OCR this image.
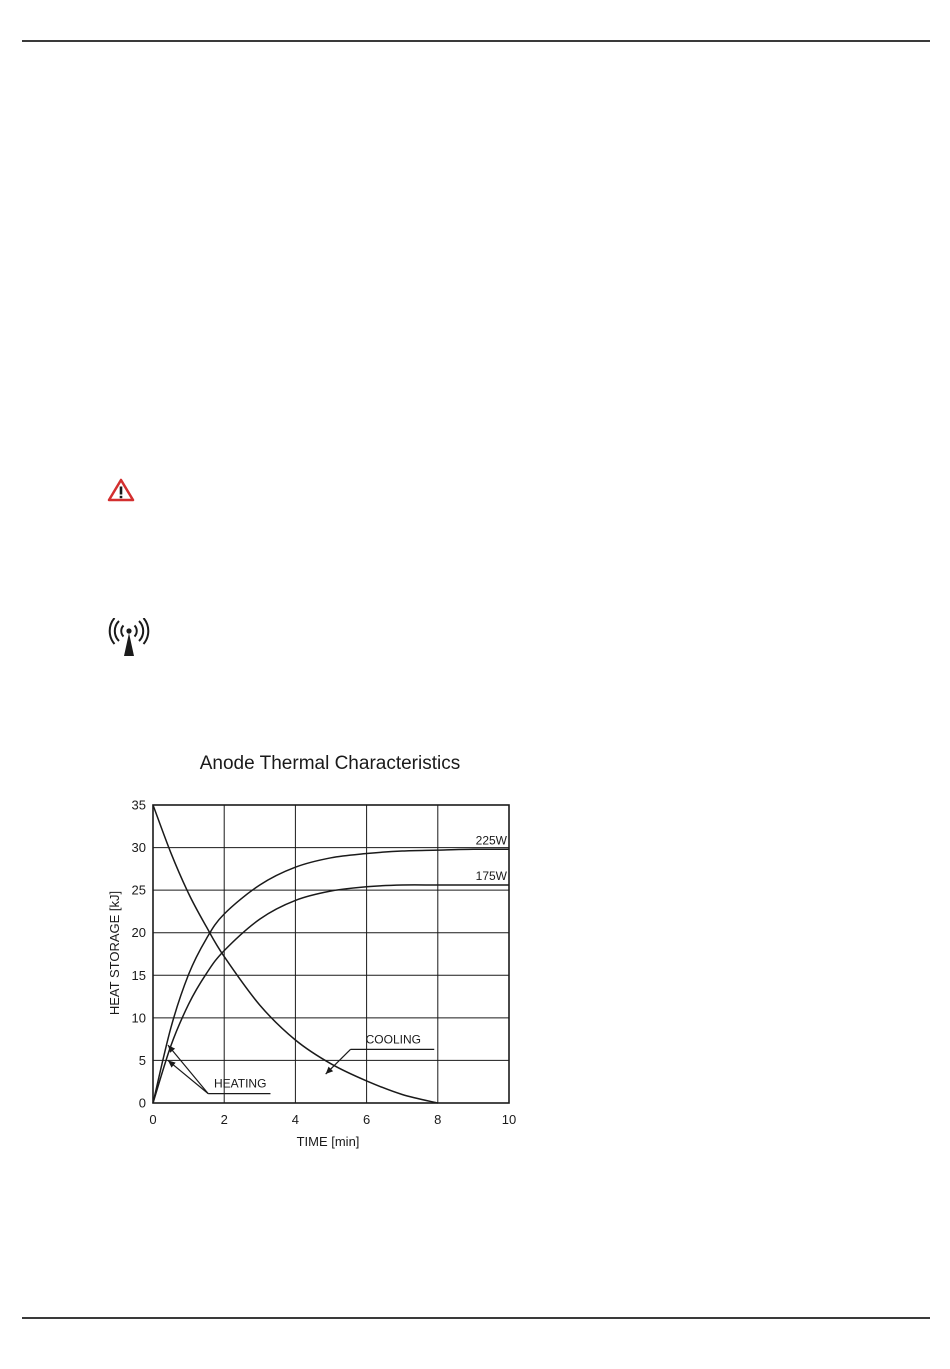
Anode Thermal Characteristics
0	2	4	6	8	10
0
5
10
15
20
25
30
35
225W
175W
HEATING
COOLING
TIME [min]
HEAT STORAGE [kJ]
